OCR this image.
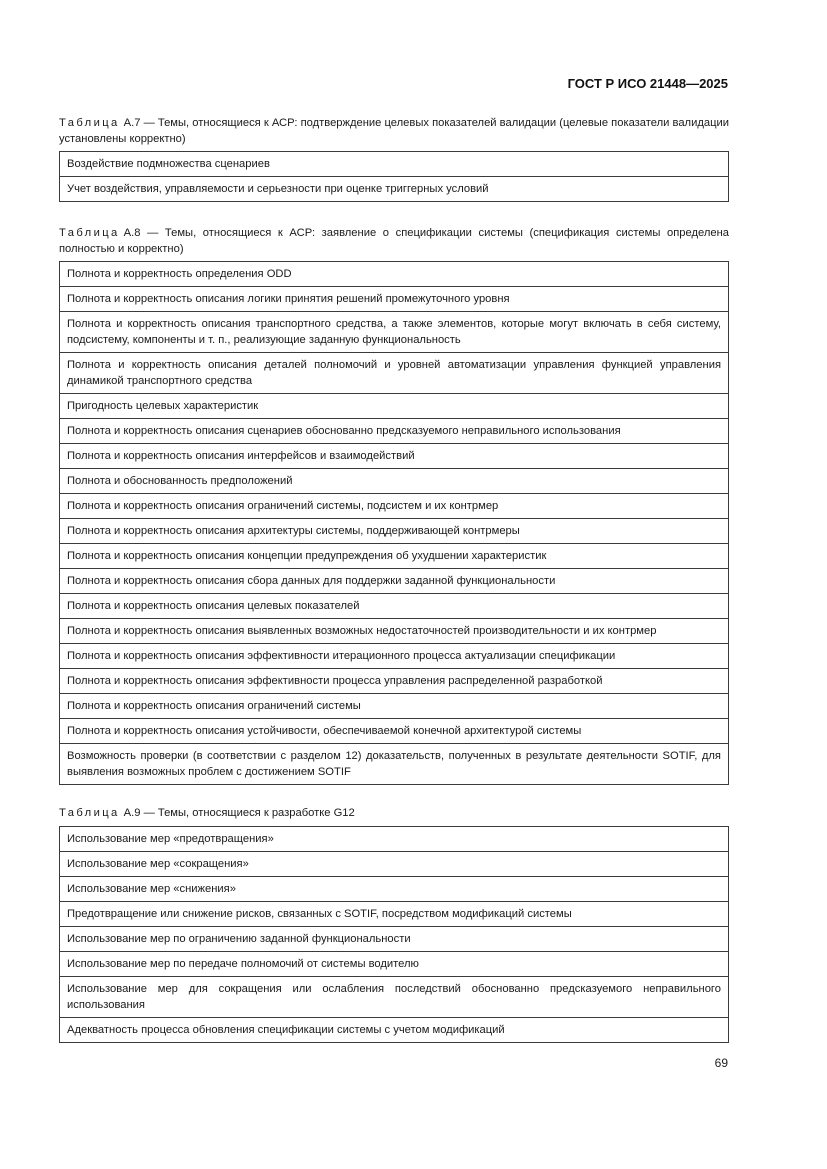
ГОСТ Р ИСО 21448—2025
Таблица А.7 — Темы, относящиеся к АСР: подтверждение целевых показателей валидации (целевые показатели валидации установлены корректно)
Воздействие подмножества сценариев
Учет воздействия, управляемости и серьезности при оценке триггерных условий
Таблица А.8 — Темы, относящиеся к АСР: заявление о спецификации системы (спецификация системы определена полностью и корректно)
Полнота и корректность определения ODD
Полнота и корректность описания логики принятия решений промежуточного уровня
Полнота и корректность описания транспортного средства, а также элементов, которые могут включать в себя систему, подсистему, компоненты и т. п., реализующие заданную функциональность
Полнота и корректность описания деталей полномочий и уровней автоматизации управления функцией управления динамикой транспортного средства
Пригодность целевых характеристик
Полнота и корректность описания сценариев обоснованно предсказуемого неправильного использования
Полнота и корректность описания интерфейсов и взаимодействий
Полнота и обоснованность предположений
Полнота и корректность описания ограничений системы, подсистем и их контрмер
Полнота и корректность описания архитектуры системы, поддерживающей контрмеры
Полнота и корректность описания концепции предупреждения об ухудшении характеристик
Полнота и корректность описания сбора данных для поддержки заданной функциональности
Полнота и корректность описания целевых показателей
Полнота и корректность описания выявленных возможных недостаточностей производительности и их контрмер
Полнота и корректность описания эффективности итерационного процесса актуализации спецификации
Полнота и корректность описания эффективности процесса управления распределенной разработкой
Полнота и корректность описания ограничений системы
Полнота и корректность описания устойчивости, обеспечиваемой конечной архитектурой системы
Возможность проверки (в соответствии с разделом 12) доказательств, полученных в результате деятельности SOTIF, для выявления возможных проблем с достижением SOTIF
Таблица А.9 — Темы, относящиеся к разработке G12
Использование мер «предотвращения»
Использование мер «сокращения»
Использование мер «снижения»
Предотвращение или снижение рисков, связанных с SOTIF, посредством модификаций системы
Использование мер по ограничению заданной функциональности
Использование мер по передаче полномочий от системы водителю
Использование мер для сокращения или ослабления последствий обоснованно предсказуемого неправильного использования
Адекватность процесса обновления спецификации системы с учетом модификаций
69
